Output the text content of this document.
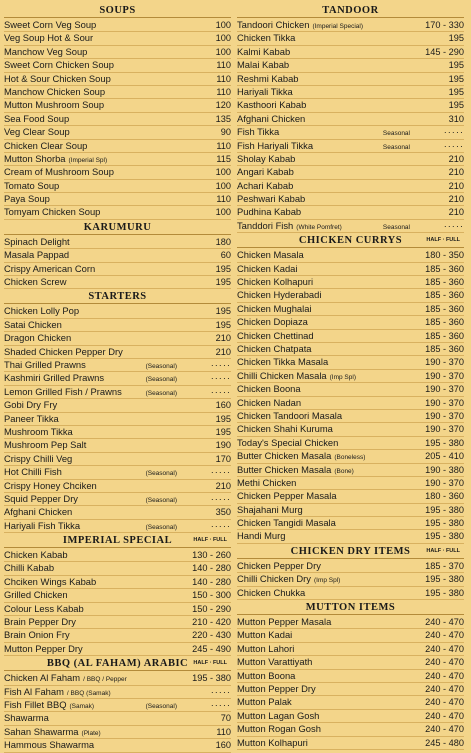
SOUPS
Sweet Corn Veg Soup	100
Veg Soup Hot & Sour	100
Manchow Veg Soup	100
Sweet Corn Chicken Soup	110
Hot & Sour Chicken Soup	110
Manchow Chicken Soup	110
Mutton Mushroom Soup	120
Sea Food Soup	135
Veg Clear Soup	90
Chicken Clear Soup	110
Mutton Shorba (Imperial Spl)	115
Cream of Mushroom Soup	100
Tomato Soup	100
Paya Soup	110
Tomyam Chicken Soup	100
KARUMURU
Spinach Delight	180
Masala Pappad	60
Crispy American Corn	195
Chicken Screw	195
STARTERS
Chicken Lolly Pop	195
Satai Chicken	195
Dragon Chicken	210
Shaded Chicken Pepper Dry	210
Thai Grilled Prawns	(Seasonal)	·····
Kashmiri Grilled Prawns	(Seasonal)	·····
Lemon Grilled Fish / Prawns	(Seasonal)	·····
Gobi Dry Fry	160
Paneer Tikka	195
Mushroom Tikka	195
Mushroom Pep Salt	190
Crispy Chilli Veg	170
Hot Chilli Fish	(Seasonal)	·····
Crispy Honey Chciken	210
Squid Pepper Dry	(Seasonal)	·····
Afghani Chicken	350
Hariyali Fish Tikka	(Seasonal)	·····
IMPERIAL SPECIAL	HALF · FULL
Chicken Kabab	130 - 260
Chilli Kabab	140 - 280
Chciken Wings Kabab	140 - 280
Grilled Chicken	150 - 300
Colour Less Kabab	150 - 290
Brain Pepper Dry	210 - 420
Brain Onion Fry	220 - 430
Mutton Pepper Dry	245 - 490
BBQ (AL FAHAM) ARABIC HALF · FULL
Chicken Al Faham / BBQ / Pepper	195 - 380
Fish Al Faham / BBQ (Samak)	·····
Fish Fillet BBQ (Samak)	(Seasonal)	·····
Shawarma	70
Sahan Shawarma (Plate)	110
Hammous Shawarma	160
TANDOOR
Tandoori Chicken (Imperial Special)	170 - 330
Chicken Tikka	195
Kalmi Kabab	145 - 290
Malai Kabab	195
Reshmi Kabab	195
Hariyali Tikka	195
Kasthoori Kabab	195
Afghani Chicken	310
Fish Tikka	Seasonal	·····
Fish Hariyali Tikka	Seasonal	·····
Sholay Kabab	210
Angari Kabab	210
Achari Kabab	210
Peshwari Kabab	210
Pudhina Kabab	210
Tanddori Fish (White Pomfret)	Seasonal	·····
CHICKEN CURRYS	HALF · FULL
Chicken Masala	180 - 350
Chicken Kadai	185 - 360
Chicken Kolhapuri	185 - 360
Chicken Hyderabadi	185 - 360
Chicken Mughalai	185 - 360
Chicken Dopiaza	185 - 360
Chicken Chettinad	185 - 360
Chicken Chatpata	185 - 360
Chicken Tikka Masala	190 - 370
Chilli Chicken Masala (Imp Spl)	190 - 370
Chicken Boona	190 - 370
Chicken Nadan	190 - 370
Chicken Tandoori Masala	190 - 370
Chicken Shahi Kuruma	190 - 370
Today's Special Chicken	195 - 380
Butter Chicken Masala (Boneless)	205 - 410
Butter Chicken Masala (Bone)	190 - 380
Methi Chicken	190 - 370
Chicken Pepper Masala	180 - 360
Shajahani Murg	195 - 380
Chicken Tangidi Masala	195 - 380
Handi Murg	195 - 380
CHICKEN DRY ITEMS	HALF · FULL
Chicken Pepper Dry	185 - 370
Chilli Chicken Dry (Imp Spl)	195 - 380
Chicken Chukka	195 - 380
MUTTON ITEMS
Mutton Pepper Masala	240 - 470
Mutton Kadai	240 - 470
Mutton Lahori	240 - 470
Mutton Varattiyath	240 - 470
Mutton Boona	240 - 470
Mutton Pepper Dry	240 - 470
Mutton Palak	240 - 470
Mutton Lagan Gosh	240 - 470
Mutton Rogan Gosh	240 - 470
Mutton Kolhapuri	245 - 480
